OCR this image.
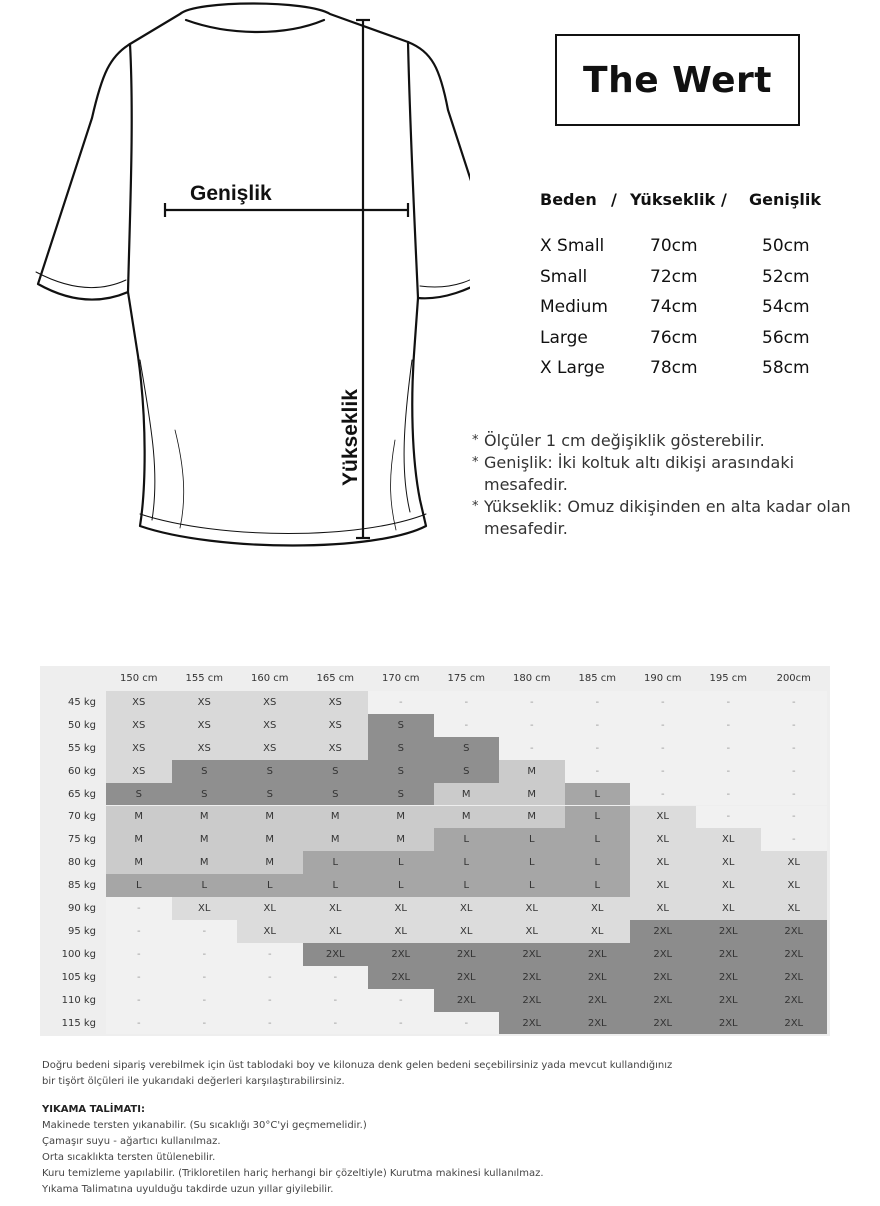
Genişlik
Yükseklik
The Wert
Beden / Yükseklik / Genişlik
X Small	70cm	50cm
Small	72cm	52cm
Medium 74cm	54cm
Large	76cm	56cm
X Large	78cm	58cm
* Ölçüler 1 cm değişiklik gösterebilir.
* Genişlik: İki koltuk altı dikişi arasındaki mesafedir.
* Yükseklik: Omuz dikişinden en alta kadar olan mesafedir.
150 cm	155 cm	160 cm	165 cm	170 cm	175 cm	180 cm	185 cm	190 cm	195 cm	200cm
45 kg	XS	XS	XS	XS	-	-	-	-	-	-	-
50 kg	XS	XS	XS	XS	S	-	-	-	-	-	-
55 kg	XS	XS	XS	XS	S	S	-	-	-	-	-
60 kg	XS	S	S	S	S	S	M	-	-	-	-
65 kg	S	S	S	S	S	M	M	L	-	-	-
70 kg	M	M	M	M	M	M	M	L	XL	-	-
75 kg	M	M	M	M	M	L	L	L	XL	XL	-
80 kg	M	M	M	L	L	L	L	L	XL	XL	XL
85 kg	L	L	L	L	L	L	L	L	XL	XL	XL
90 kg	-	XL	XL	XL	XL	XL	XL	XL	XL	XL	XL
95 kg	-	-	XL	XL	XL	XL	XL	XL	2XL	2XL	2XL
100 kg	-	-	-	2XL	2XL	2XL	2XL	2XL	2XL	2XL	2XL
105 kg	-	-	-	-	2XL	2XL	2XL	2XL	2XL	2XL	2XL
110 kg	-	-	-	-	-	2XL	2XL	2XL	2XL	2XL	2XL
115 kg	-	-	-	-	-	-	2XL	2XL	2XL	2XL	2XL
Doğru bedeni sipariş verebilmek için üst tablodaki boy ve kilonuza denk gelen bedeni seçebilirsiniz yada mevcut kullandığınız
bir tişört ölçüleri ile yukarıdaki değerleri karşılaştırabilirsiniz.
YIKAMA TALİMATI:
Makinede tersten yıkanabilir. (Su sıcaklığı 30°C'yi geçmemelidir.)
Çamaşır suyu - ağartıcı kullanılmaz.
Orta sıcaklıkta tersten ütülenebilir.
Kuru temizleme yapılabilir. (Trikloretilen hariç herhangi bir çözeltiyle) Kurutma makinesi kullanılmaz.
Yıkama Talimatına uyulduğu takdirde uzun yıllar giyilebilir.
